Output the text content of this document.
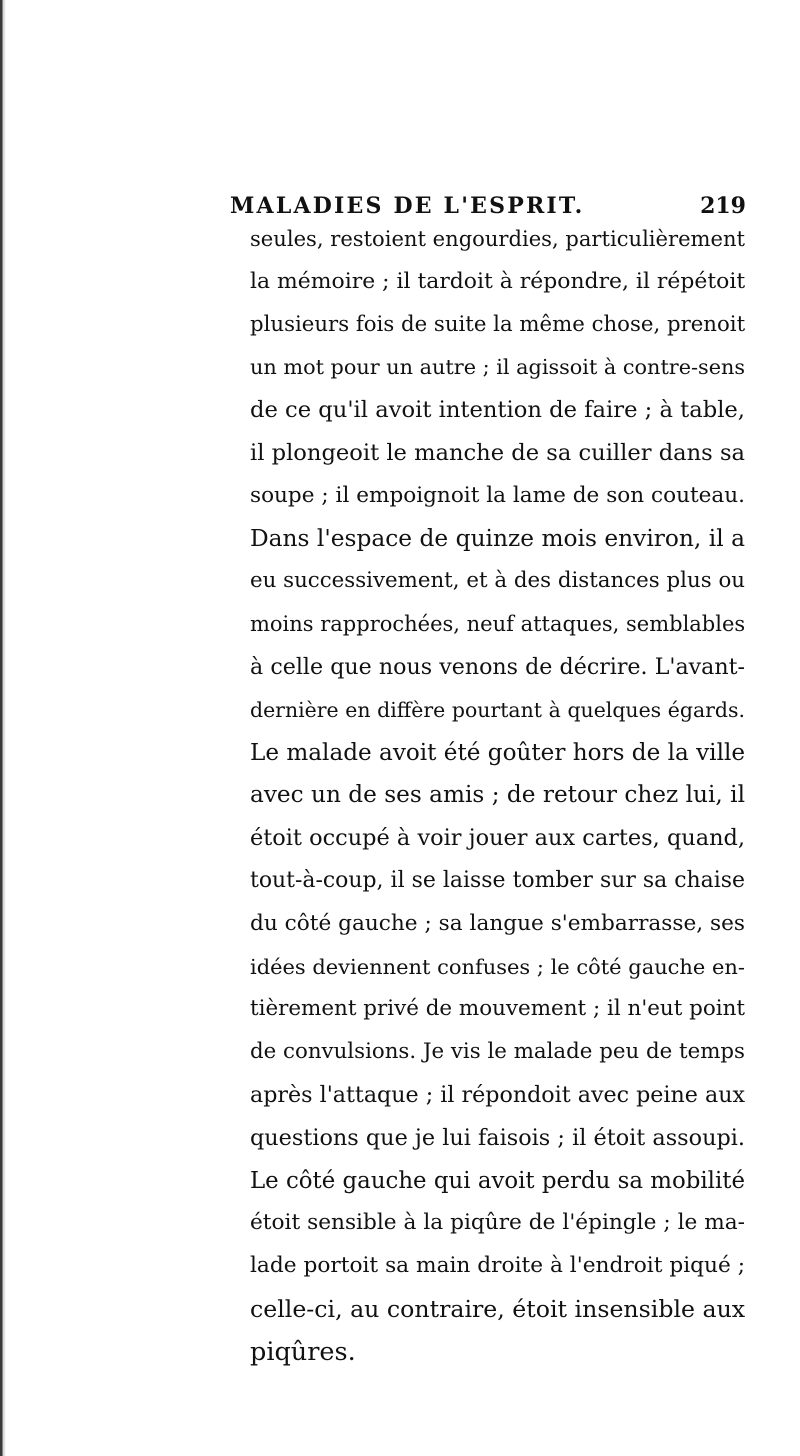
MALADIES DE L'ESPRIT.	219
seules, restoient engourdies, particulièrement
la mémoire ; il tardoit à répondre, il répétoit
plusieurs fois de suite la même chose, prenoit
un mot pour un autre ; il agissoit à contre-sens
de ce qu'il avoit intention de faire ; à table,
il plongeoit le manche de sa cuiller dans sa
soupe ; il empoignoit la lame de son couteau.
Dans l'espace de quinze mois environ, il a
eu successivement, et à des distances plus ou
moins rapprochées, neuf attaques, semblables
à celle que nous venons de décrire. L'avant-
dernière en diffère pourtant à quelques égards.
Le malade avoit été goûter hors de la ville
avec un de ses amis ; de retour chez lui, il
étoit occupé à voir jouer aux cartes, quand,
tout-à-coup, il se laisse tomber sur sa chaise
du côté gauche ; sa langue s'embarrasse, ses
idées deviennent confuses ; le côté gauche en-
tièrement privé de mouvement ; il n'eut point
de convulsions. Je vis le malade peu de temps
après l'attaque ; il répondoit avec peine aux
questions que je lui faisois ; il étoit assoupi.
Le côté gauche qui avoit perdu sa mobilité
étoit sensible à la piqûre de l'épingle ; le ma-
lade portoit sa main droite à l'endroit piqué ;
celle-ci, au contraire, étoit insensible aux
piqûres.
